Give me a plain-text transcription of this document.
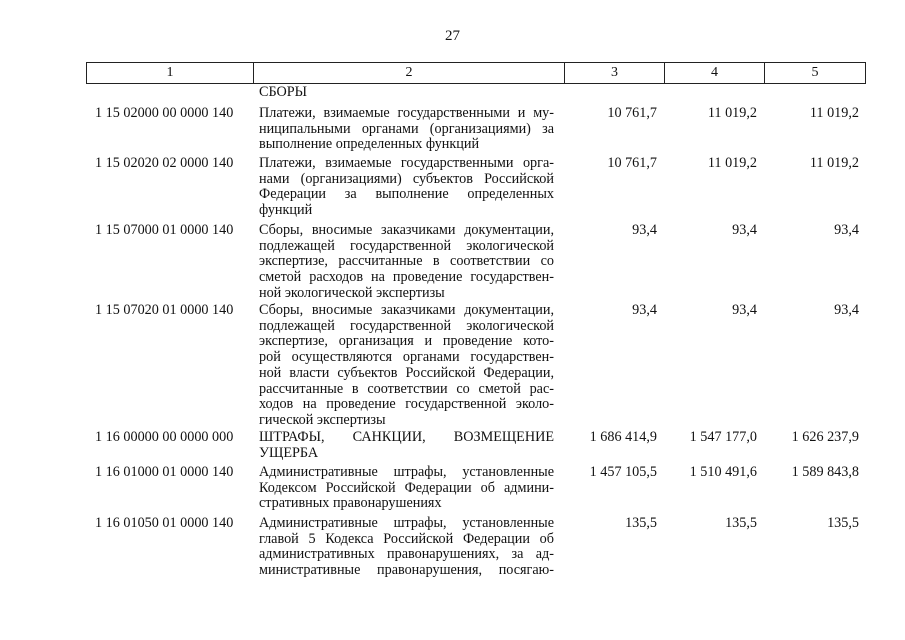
27
1	2	3	4	5
СБОРЫ
1 15 02000 00 0000 140	Платежи, взимаемые государственными и му-
ниципальными органами (организациями) за
выполнение определенных функций
10 761,7	11 019,2	11 019,2
1 15 02020 02 0000 140	Платежи, взимаемые государственными орга-
нами (организациями) субъектов Российской
Федерации за выполнение определенных
функций
10 761,7	11 019,2	11 019,2
1 15 07000 01 0000 140	Сборы, вносимые заказчиками документации,
подлежащей государственной экологической
экспертизе, рассчитанные в соответствии со
сметой расходов на проведение государствен-
ной экологической экспертизы
93,4	93,4	93,4
1 15 07020 01 0000 140	Сборы, вносимые заказчиками документации,
подлежащей государственной экологической
экспертизе, организация и проведение кото-
рой осуществляются органами государствен-
ной власти субъектов Российской Федерации,
рассчитанные в соответствии со сметой рас-
ходов на проведение государственной эколо-
гической экспертизы
93,4	93,4	93,4
1 16 00000 00 0000 000	ШТРАФЫ, САНКЦИИ, ВОЗМЕЩЕНИЕ
УЩЕРБА
1 686 414,9	1 547 177,0	1 626 237,9
1 16 01000 01 0000 140	Административные штрафы, установленные
Кодексом Российской Федерации об админи-
стративных правонарушениях
1 457 105,5	1 510 491,6	1 589 843,8
1 16 01050 01 0000 140	Административные штрафы, установленные
главой 5 Кодекса Российской Федерации об
административных правонарушениях, за ад-
министративные правонарушения, посягаю-
135,5	135,5	135,5
